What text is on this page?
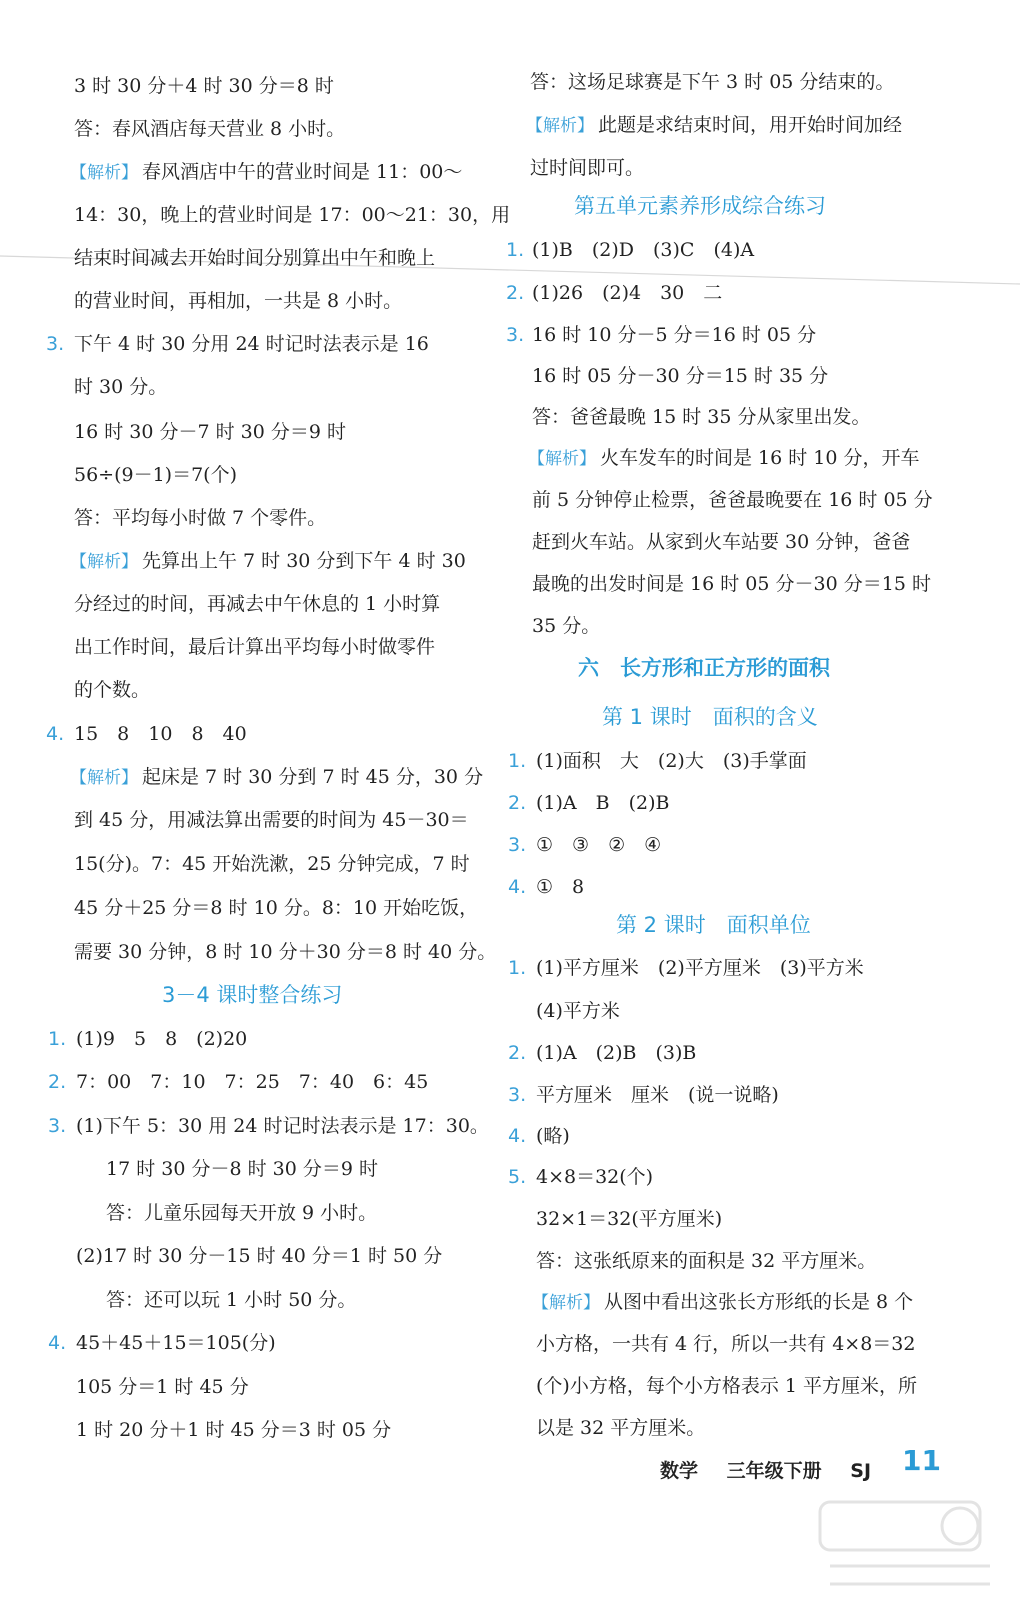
3 时 30 分＋4 时 30 分＝8 时
答：春风酒店每天营业 8 小时。
【解析】 春风酒店中午的营业时间是 11：00～
14：30，晚上的营业时间是 17：00～21：30，用
结束时间减去开始时间分别算出中午和晚上
的营业时间，再相加，一共是 8 小时。
3. 下午 4 时 30 分用 24 时记时法表示是 16
时 30 分。
16 时 30 分－7 时 30 分＝9 时
56÷(9－1)＝7(个)
答：平均每小时做 7 个零件。
【解析】 先算出上午 7 时 30 分到下午 4 时 30
分经过的时间，再减去中午休息的 1 小时算
出工作时间，最后计算出平均每小时做零件
的个数。
4. 15　8　10　8　40
【解析】 起床是 7 时 30 分到 7 时 45 分，30 分
到 45 分，用减法算出需要的时间为 45－30＝
15(分)。7：45 开始洗漱，25 分钟完成，7 时
45 分＋25 分＝8 时 10 分。8：10 开始吃饭，
需要 30 分钟，8 时 10 分＋30 分＝8 时 40 分。
3－4 课时整合练习
1. (1)9　5　8　(2)20
2. 7：00　7：10　7：25　7：40　6：45
3. (1)下午 5：30 用 24 时记时法表示是 17：30。
17 时 30 分－8 时 30 分＝9 时
答：儿童乐园每天开放 9 小时。
(2)17 时 30 分－15 时 40 分＝1 时 50 分
答：还可以玩 1 小时 50 分。
4. 45＋45＋15＝105(分)
105 分＝1 时 45 分
1 时 20 分＋1 时 45 分＝3 时 05 分
答：这场足球赛是下午 3 时 05 分结束的。
【解析】 此题是求结束时间，用开始时间加经
过时间即可。
第五单元素养形成综合练习
1. (1)B　(2)D　(3)C　(4)A
2. (1)26　(2)4　30　二
3. 16 时 10 分－5 分＝16 时 05 分
16 时 05 分－30 分＝15 时 35 分
答：爸爸最晚 15 时 35 分从家里出发。
【解析】 火车发车的时间是 16 时 10 分，开车
前 5 分钟停止检票，爸爸最晚要在 16 时 05 分
赶到火车站。从家到火车站要 30 分钟，爸爸
最晚的出发时间是 16 时 05 分－30 分＝15 时
35 分。
六　长方形和正方形的面积
第 1 课时　面积的含义
1. (1)面积　大　(2)大　(3)手掌面
2. (1)A　B　(2)B
3. ①　③　②　④
4. ①　8
第 2 课时　面积单位
1. (1)平方厘米　(2)平方厘米　(3)平方米
(4)平方米
2. (1)A　(2)B　(3)B
3. 平方厘米　厘米　(说一说略)
4. (略)
5. 4×8＝32(个)
32×1＝32(平方厘米)
答：这张纸原来的面积是 32 平方厘米。
【解析】 从图中看出这张长方形纸的长是 8 个
小方格，一共有 4 行，所以一共有 4×8＝32
(个)小方格，每个小方格表示 1 平方厘米，所
以是 32 平方厘米。
数学 三年级下册 SJ	11
